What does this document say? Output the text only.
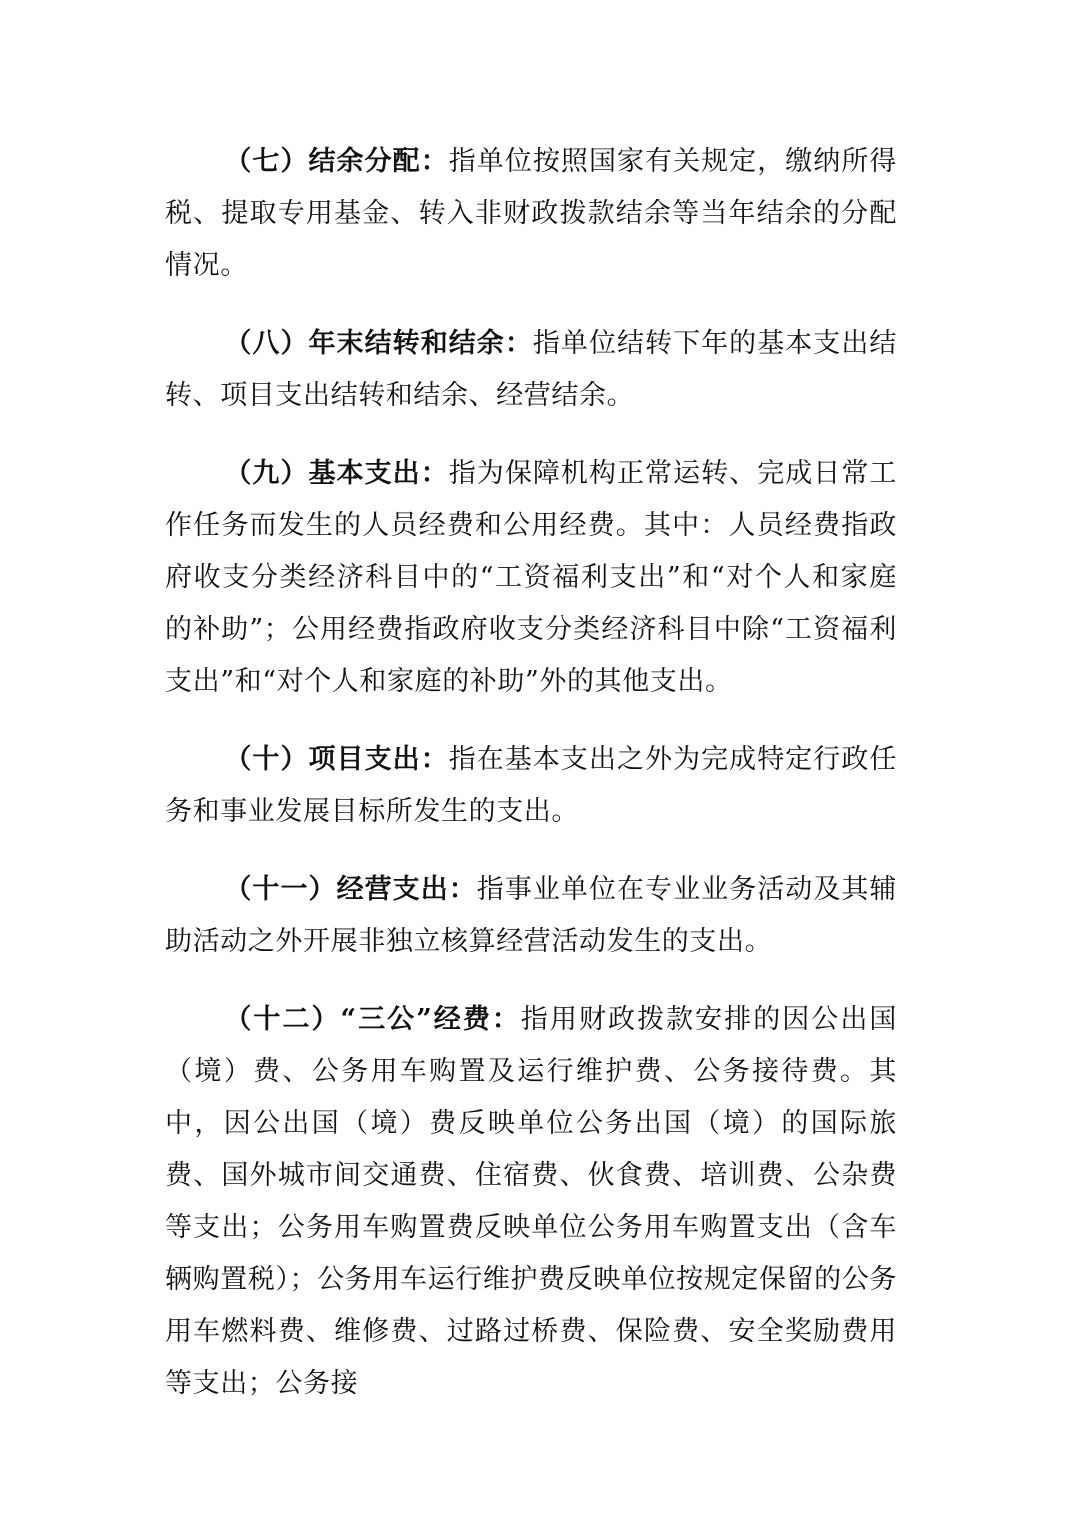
（七）结余分配：指单位按照国家有关规定，缴纳所得税、提取专用基金、转入非财政拨款结余等当年结余的分配情况。

（八）年末结转和结余：指单位结转下年的基本支出结转、项目支出结转和结余、经营结余。

（九）基本支出：指为保障机构正常运转、完成日常工作任务而发生的人员经费和公用经费。其中：人员经费指政府收支分类经济科目中的“工资福利支出”和“对个人和家庭的补助”；公用经费指政府收支分类经济科目中除“工资福利支出”和“对个人和家庭的补助”外的其他支出。

（十）项目支出：指在基本支出之外为完成特定行政任务和事业发展目标所发生的支出。

（十一）经营支出：指事业单位在专业业务活动及其辅助活动之外开展非独立核算经营活动发生的支出。

（十二）“三公”经费：指用财政拨款安排的因公出国（境）费、公务用车购置及运行维护费、公务接待费。其中，因公出国（境）费反映单位公务出国（境）的国际旅费、国外城市间交通费、住宿费、伙食费、培训费、公杂费等支出；公务用车购置费反映单位公务用车购置支出（含车辆购置税）；公务用车运行维护费反映单位按规定保留的公务用车燃料费、维修费、过路过桥费、保险费、安全奖励费用等支出；公务接
